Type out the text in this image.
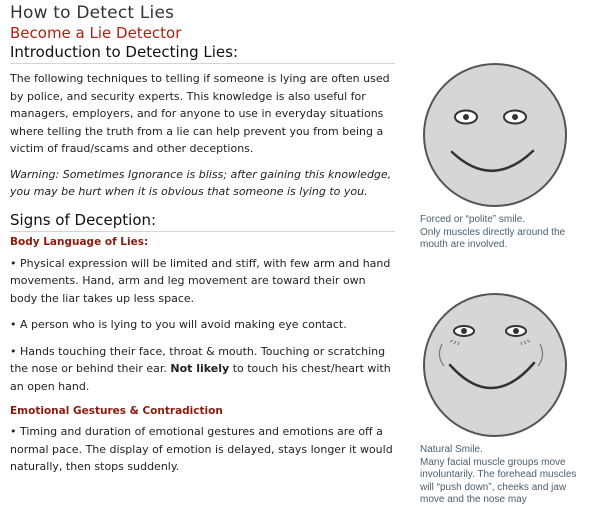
How to Detect Lies
Become a Lie Detector
Introduction to Detecting Lies:

The following techniques to telling if someone is lying are often used by police, and security experts. This knowledge is also useful for managers, employers, and for anyone to use in everyday situations where telling the truth from a lie can help prevent you from being a victim of fraud/scams and other deceptions.

Warning: Sometimes Ignorance is bliss; after gaining this knowledge, you may be hurt when it is obvious that someone is lying to you.

Signs of Deception:
Body Language of Lies:

• Physical expression will be limited and stiff, with few arm and hand movements. Hand, arm and leg movement are toward their own body the liar takes up less space.

• A person who is lying to you will avoid making eye contact.

• Hands touching their face, throat & mouth. Touching or scratching the nose or behind their ear. Not likely to touch his chest/heart with an open hand.

Emotional Gestures & Contradiction

• Timing and duration of emotional gestures and emotions are off a normal pace. The display of emotion is delayed, stays longer it would naturally, then stops suddenly.

Forced or “polite” smile.
Only muscles directly around the mouth are involved.
Natural Smile.
Many facial muscle groups move involuntarily. The forehead muscles will “push down”, cheeks and jaw move and the nose may
